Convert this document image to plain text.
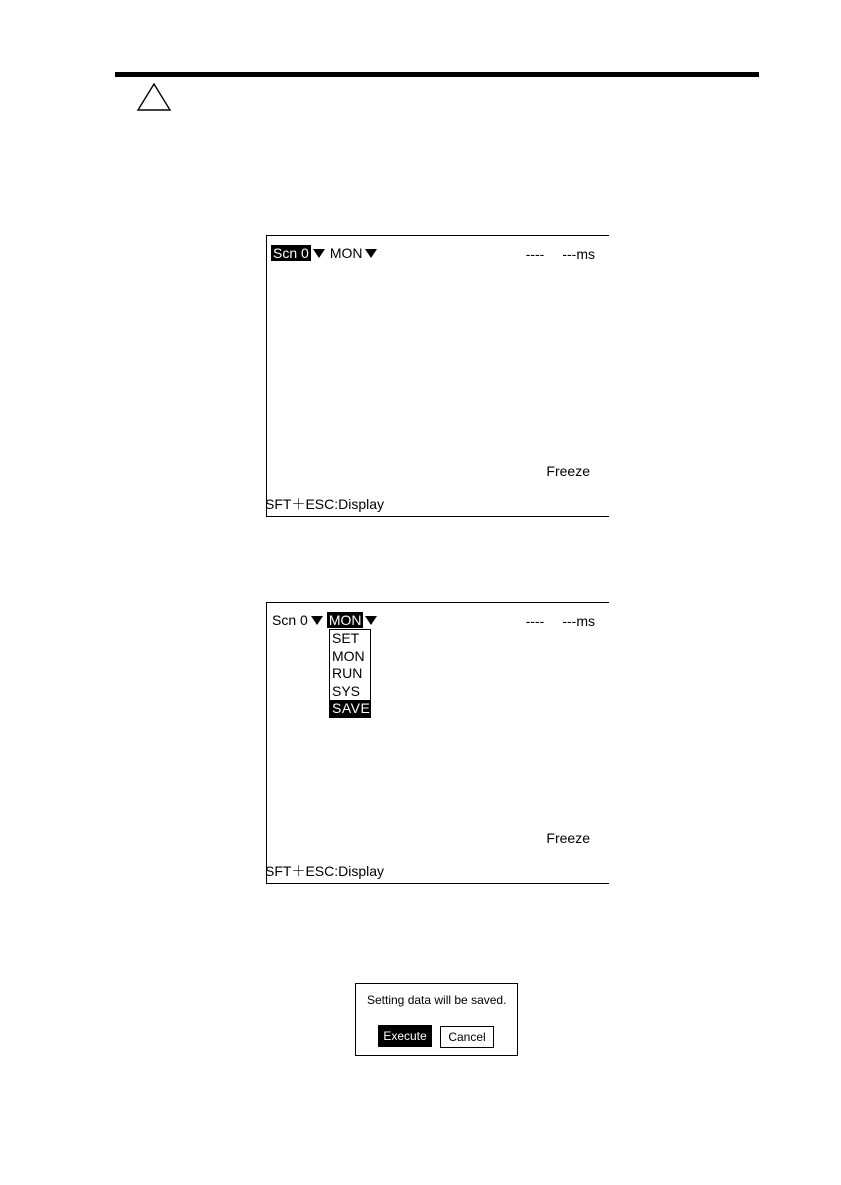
Scn 0 MON	---- ---ms
Freeze
SFT＋ESC:Display
Scn 0 MON
SET
MON
RUN
SYS
SAVE
---- ---ms
Freeze
SFT＋ESC:Display
Setting data will be saved.
Execute	Cancel
